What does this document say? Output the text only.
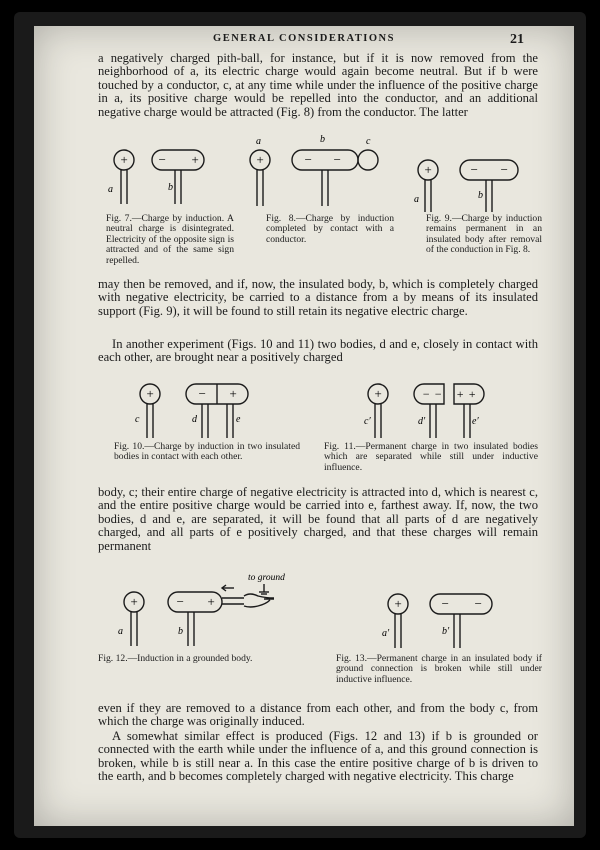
GENERAL CONSIDERATIONS	21

a negatively charged pith-ball, for instance, but if it is now removed from the neighborhood of a, its electric charge would again become neutral. But if b were touched by a conductor, c, at any time while under the influence of the positive charge in a, its positive charge would be repelled into the conductor, and an additional negative charge would be attracted (Fig. 8) from the conductor. The latter

+ − +
a	b

Fig. 7.—Charge by induction. A neutral charge is disintegrated. Electricity of the opposite sign is attracted and of the same sign repelled.

+	− −
a	b	c

Fig. 8.—Charge by induction completed by contact with a conductor.

+	− −
a	b

Fig. 9.—Charge by induction remains permanent in an insulated body after removal of the conduction in Fig. 8.

may then be removed, and if, now, the insulated body, b, which is completely charged with negative electricity, be carried to a distance from a by means of its insulated support (Fig. 9), it will be found to still retain its negative electric charge.

In another experiment (Figs. 10 and 11) two bodies, d and e, closely in contact with each other, are brought near a positively charged

+	− +
c	d	e

Fig. 10.—Charge by induction in two insulated bodies in contact with each other.

+	− − + +
c′	d′	e′

Fig. 11.—Permanent charge in two insulated bodies which are separated while still under inductive influence.

body, c; their entire charge of negative electricity is attracted into d, which is nearest c, and the entire positive charge would be carried into e, farthest away. If, now, the two bodies, d and e, are separated, it will be found that all parts of d are negatively charged, and all parts of e positively charged, and that these charges will remain permanent

+	− +
a	b
to ground

Fig. 12.—Induction in a grounded body.

+	− −
a′	b′

Fig. 13.—Permanent charge in an insulated body if ground connection is broken while still under inductive influence.

even if they are removed to a distance from each other, and from the body c, from which the charge was originally induced.

A somewhat similar effect is produced (Figs. 12 and 13) if b is grounded or connected with the earth while under the influence of a, and this ground connection is broken, while b is still near a. In this case the entire positive charge of b is driven to the earth, and b becomes completely charged with negative electricity. This charge
